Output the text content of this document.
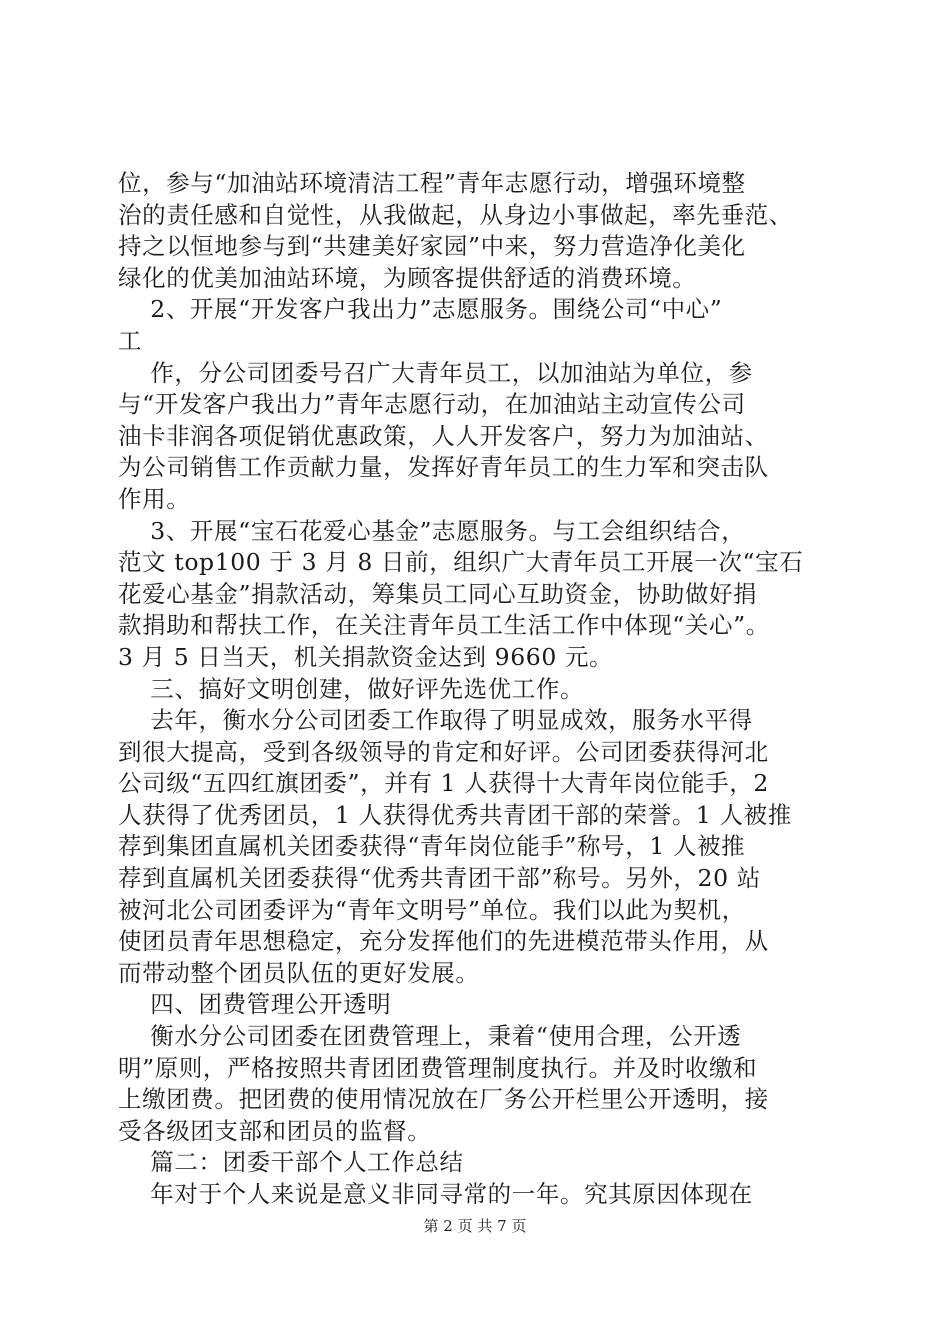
位，参与“加油站环境清洁工程”青年志愿行动，增强环境整
治的责任感和自觉性，从我做起，从身边小事做起，率先垂范、
持之以恒地参与到“共建美好家园”中来，努力营造净化美化
绿化的优美加油站环境，为顾客提供舒适的消费环境。
2、开展“开发客户我出力”志愿服务。围绕公司“中心”
工
作，分公司团委号召广大青年员工，以加油站为单位，参
与“开发客户我出力”青年志愿行动，在加油站主动宣传公司
油卡非润各项促销优惠政策，人人开发客户，努力为加油站、
为公司销售工作贡献力量，发挥好青年员工的生力军和突击队
作用。
3、开展“宝石花爱心基金”志愿服务。与工会组织结合，
范文 top100 于 3 月 8 日前，组织广大青年员工开展一次“宝石
花爱心基金”捐款活动，筹集员工同心互助资金，协助做好捐
款捐助和帮扶工作，在关注青年员工生活工作中体现“关心”。
3 月 5 日当天，机关捐款资金达到 9660 元。
三、搞好文明创建，做好评先选优工作。
去年，衡水分公司团委工作取得了明显成效，服务水平得
到很大提高，受到各级领导的肯定和好评。公司团委获得河北
公司级“五四红旗团委”，并有 1 人获得十大青年岗位能手，2
人获得了优秀团员，1 人获得优秀共青团干部的荣誉。1 人被推
荐到集团直属机关团委获得“青年岗位能手”称号，1 人被推
荐到直属机关团委获得“优秀共青团干部”称号。另外，20 站
被河北公司团委评为“青年文明号”单位。我们以此为契机，
使团员青年思想稳定，充分发挥他们的先进模范带头作用，从
而带动整个团员队伍的更好发展。
四、团费管理公开透明
衡水分公司团委在团费管理上，秉着“使用合理，公开透
明”原则，严格按照共青团团费管理制度执行。并及时收缴和
上缴团费。把团费的使用情况放在厂务公开栏里公开透明，接
受各级团支部和团员的监督。
篇二：团委干部个人工作总结
年对于个人来说是意义非同寻常的一年。究其原因体现在
第 2 页 共 7 页
